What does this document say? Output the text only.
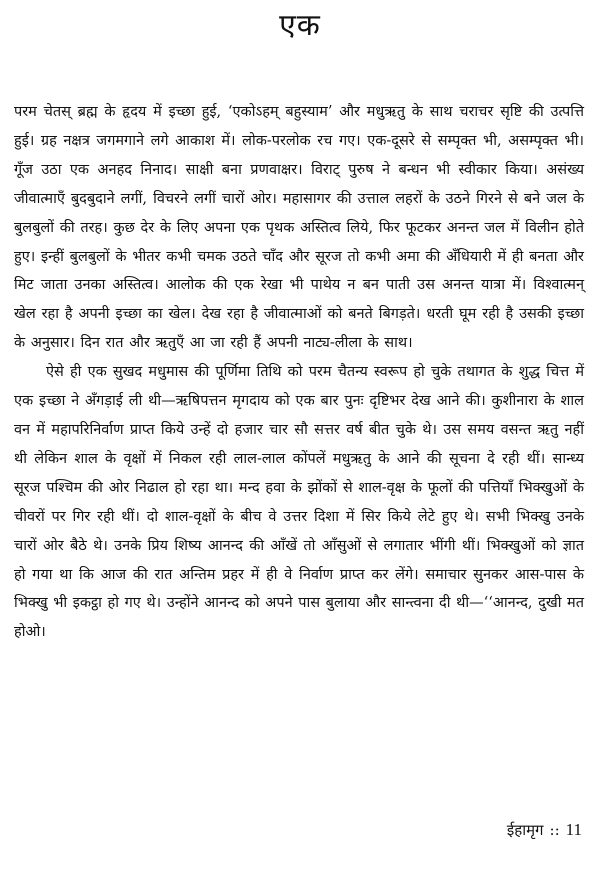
एक

परम चेतस् ब्रह्म के हृदय में इच्छा हुई, ‘एकोऽहम् बहुस्याम’ और मधुऋतु के साथ चराचर सृष्टि की उत्पत्ति हुई। ग्रह नक्षत्र जगमगाने लगे आकाश में। लोक-परलोक रच गए। एक-दूसरे से सम्पृक्त भी, असम्पृक्त भी। गूँज उठा एक अनहद निनाद। साक्षी बना प्रणवाक्षर। विराट् पुरुष ने बन्धन भी स्वीकार किया। असंख्य जीवात्माएँ बुदबुदाने लगीं, विचरने लगीं चारों ओर। महासागर की उत्ताल लहरों के उठने गिरने से बने जल के बुलबुलों की तरह। कुछ देर के लिए अपना एक पृथक अस्तित्व लिये, फिर फूटकर अनन्त जल में विलीन होते हुए। इन्हीं बुलबुलों के भीतर कभी चमक उठते चाँद और सूरज तो कभी अमा की अँधियारी में ही बनता और मिट जाता उनका अस्तित्व। आलोक की एक रेखा भी पाथेय न बन पाती उस अनन्त यात्रा में। विश्वात्मन् खेल रहा है अपनी इच्छा का खेल। देख रहा है जीवात्माओं को बनते बिगड़ते। धरती घूम रही है उसकी इच्छा के अनुसार। दिन रात और ऋतुएँ आ जा रही हैं अपनी नाट्य-लीला के साथ।

ऐसे ही एक सुखद मधुमास की पूर्णिमा तिथि को परम चैतन्य स्वरूप हो चुके तथागत के शुद्ध चित्त में एक इच्छा ने अँगड़ाई ली थी—ऋषिपत्तन मृगदाय को एक बार पुनः दृष्टिभर देख आने की। कुशीनारा के शाल वन में महापरिनिर्वाण प्राप्त किये उन्हें दो हजार चार सौ सत्तर वर्ष बीत चुके थे। उस समय वसन्त ऋतु नहीं थी लेकिन शाल के वृक्षों में निकल रही लाल-लाल कोंपलें मधुऋतु के आने की सूचना दे रही थीं। सान्ध्य सूरज पश्चिम की ओर निढाल हो रहा था। मन्द हवा के झोंकों से शाल-वृक्ष के फूलों की पत्तियाँ भिक्खुओं के चीवरों पर गिर रही थीं। दो शाल-वृक्षों के बीच वे उत्तर दिशा में सिर किये लेटे हुए थे। सभी भिक्खु उनके चारों ओर बैठे थे। उनके प्रिय शिष्य आनन्द की आँखें तो आँसुओं से लगातार भींगी थीं। भिक्खुओं को ज्ञात हो गया था कि आज की रात अन्तिम प्रहर में ही वे निर्वाण प्राप्त कर लेंगे। समाचार सुनकर आस-पास के भिक्खु भी इकट्ठा हो गए थे। उन्होंने आनन्द को अपने पास बुलाया और सान्त्वना दी थी—‘‘आनन्द, दुखी मत होओ।

ईहामृग :: 11
